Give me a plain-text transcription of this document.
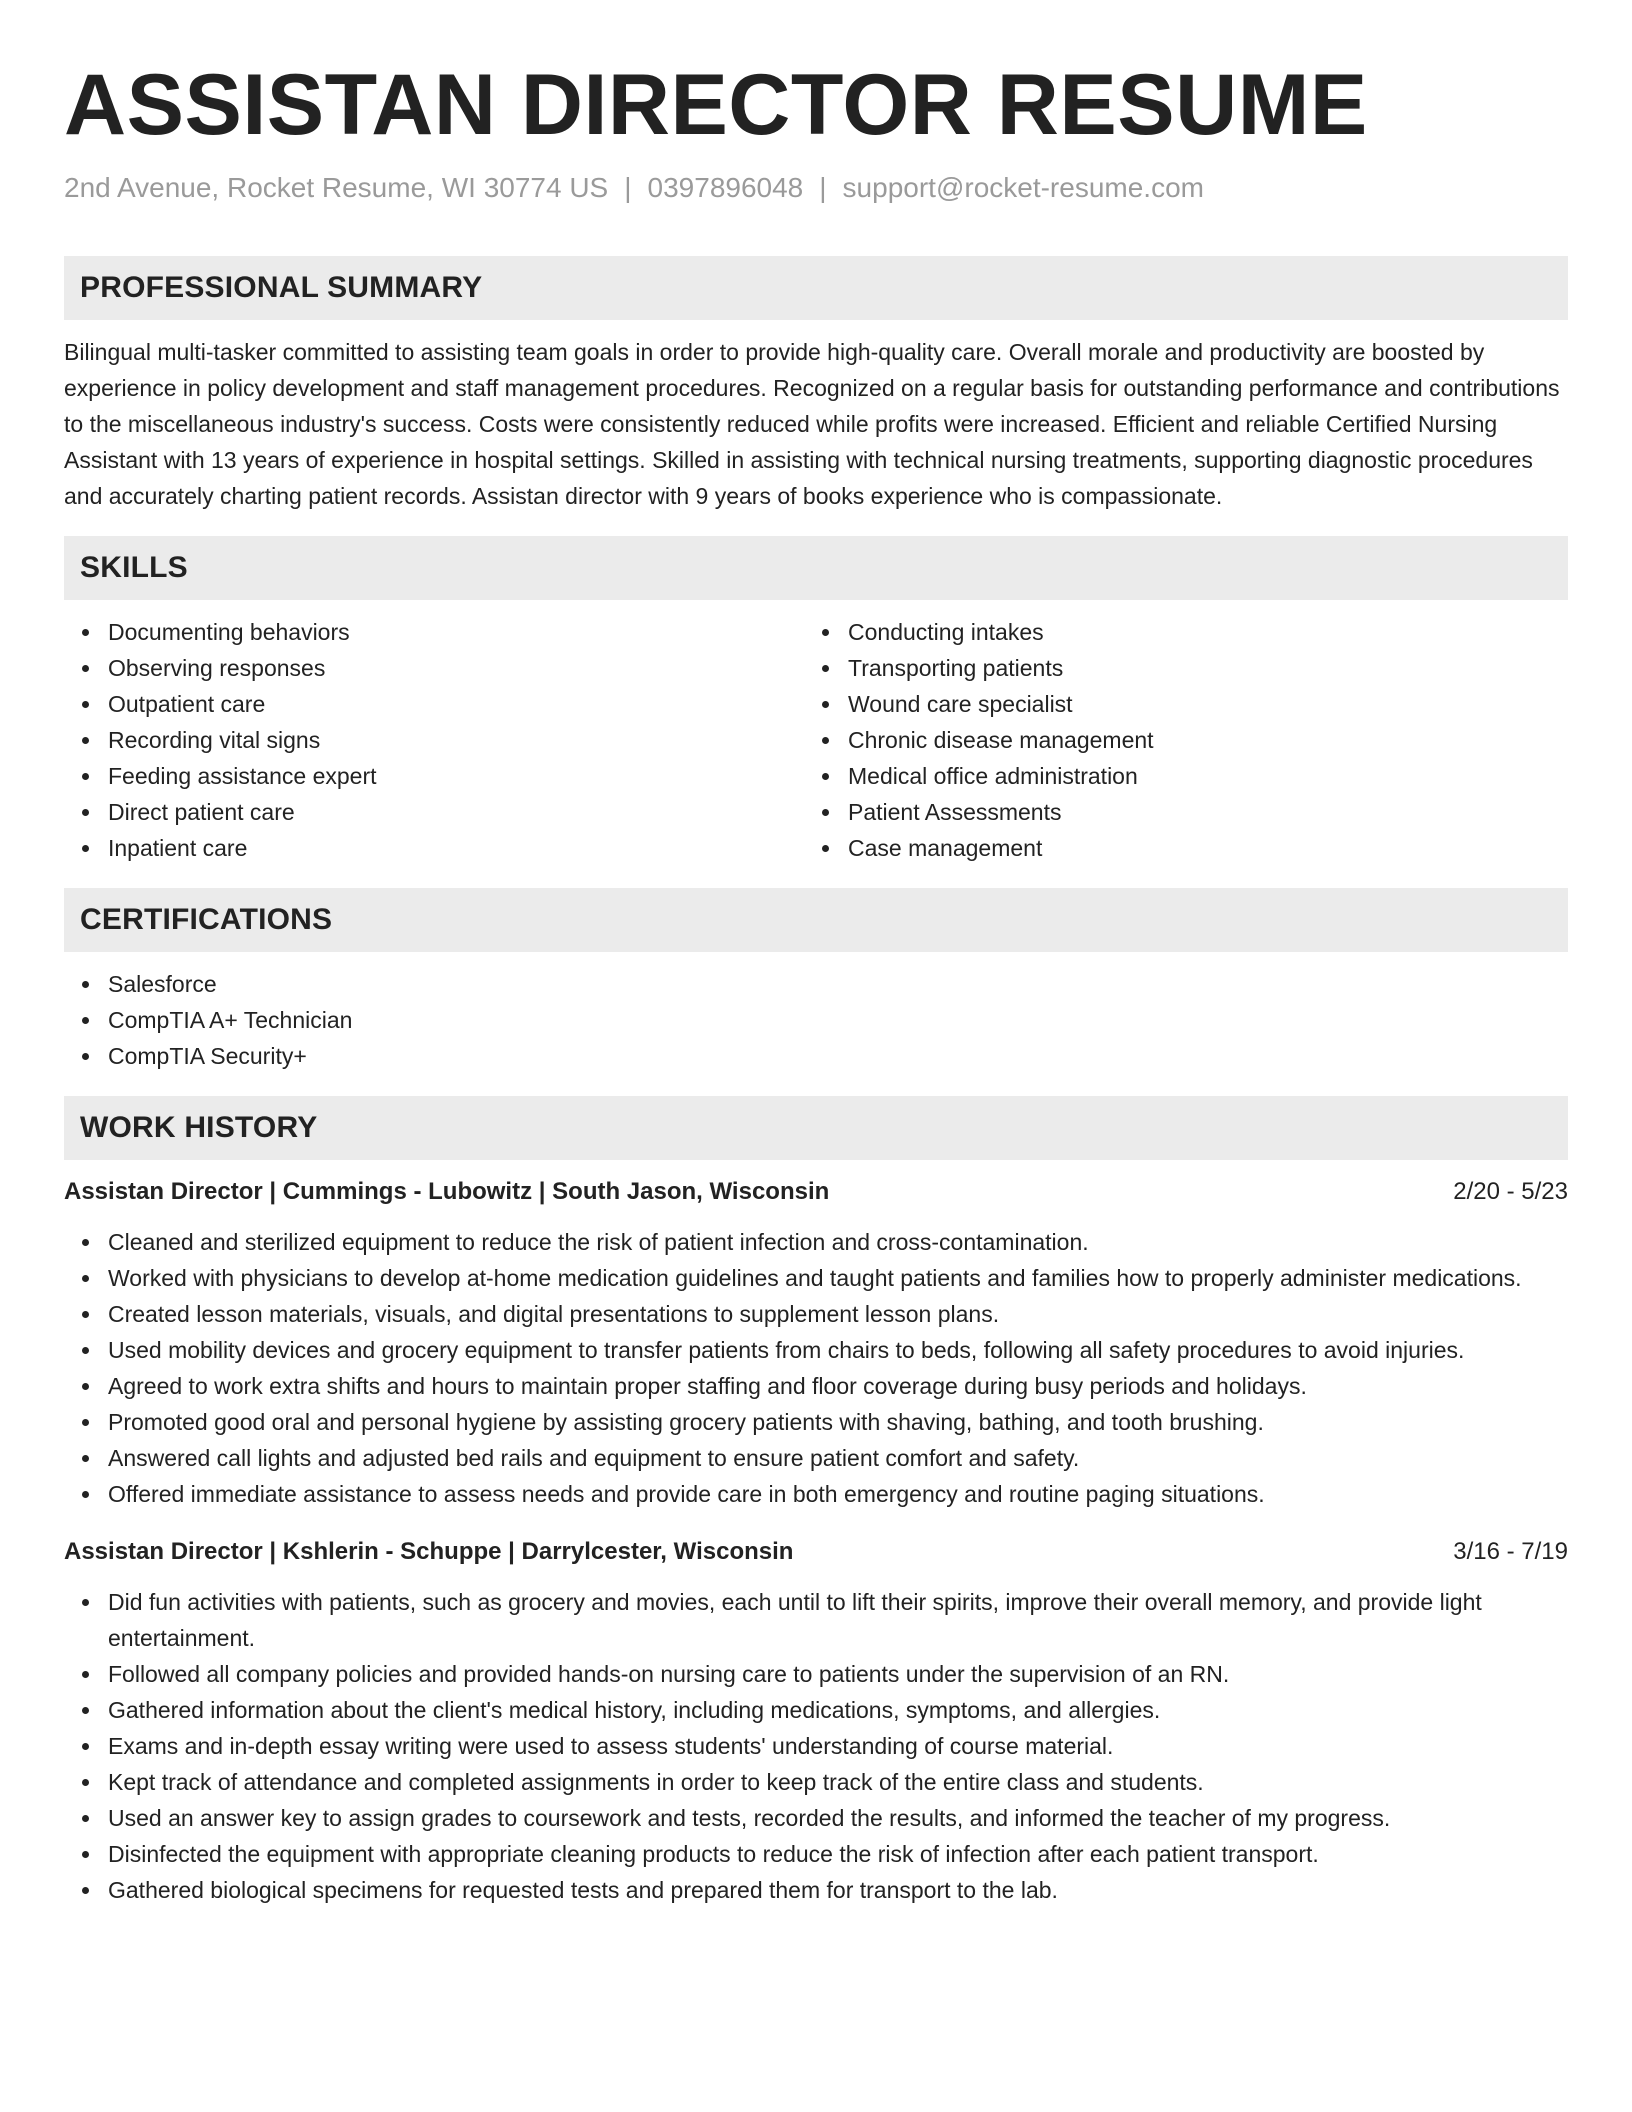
ASSISTAN DIRECTOR RESUME
2nd Avenue, Rocket Resume, WI 30774 US | 0397896048 | support@rocket-resume.com
PROFESSIONAL SUMMARY

Bilingual multi-tasker committed to assisting team goals in order to provide high-quality care. Overall morale and productivity are boosted by experience in policy development and staff management procedures. Recognized on a regular basis for outstanding performance and contributions to the miscellaneous industry's success. Costs were consistently reduced while profits were increased. Efficient and reliable Certified Nursing Assistant with 13 years of experience in hospital settings. Skilled in assisting with technical nursing treatments, supporting diagnostic procedures and accurately charting patient records. Assistan director with 9 years of books experience who is compassionate.

SKILLS
Documenting behaviors
Observing responses
Outpatient care
Recording vital signs
Feeding assistance expert
Direct patient care
Inpatient care
Conducting intakes
Transporting patients
Wound care specialist
Chronic disease management
Medical office administration
Patient Assessments
Case management
CERTIFICATIONS
Salesforce
CompTIA A+ Technician
CompTIA Security+
WORK HISTORY
Assistan Director | Cummings - Lubowitz | South Jason, Wisconsin	2/20 - 5/23
Cleaned and sterilized equipment to reduce the risk of patient infection and cross-contamination.
Worked with physicians to develop at-home medication guidelines and taught patients and families how to properly administer medications.
Created lesson materials, visuals, and digital presentations to supplement lesson plans.
Used mobility devices and grocery equipment to transfer patients from chairs to beds, following all safety procedures to avoid injuries.
Agreed to work extra shifts and hours to maintain proper staffing and floor coverage during busy periods and holidays.
Promoted good oral and personal hygiene by assisting grocery patients with shaving, bathing, and tooth brushing.
Answered call lights and adjusted bed rails and equipment to ensure patient comfort and safety.
Offered immediate assistance to assess needs and provide care in both emergency and routine paging situations.
Assistan Director | Kshlerin - Schuppe | Darrylcester, Wisconsin	3/16 - 7/19
Did fun activities with patients, such as grocery and movies, each until to lift their spirits, improve their overall memory, and provide light entertainment.
Followed all company policies and provided hands-on nursing care to patients under the supervision of an RN.
Gathered information about the client's medical history, including medications, symptoms, and allergies.
Exams and in-depth essay writing were used to assess students' understanding of course material.
Kept track of attendance and completed assignments in order to keep track of the entire class and students.
Used an answer key to assign grades to coursework and tests, recorded the results, and informed the teacher of my progress.
Disinfected the equipment with appropriate cleaning products to reduce the risk of infection after each patient transport.
Gathered biological specimens for requested tests and prepared them for transport to the lab.
